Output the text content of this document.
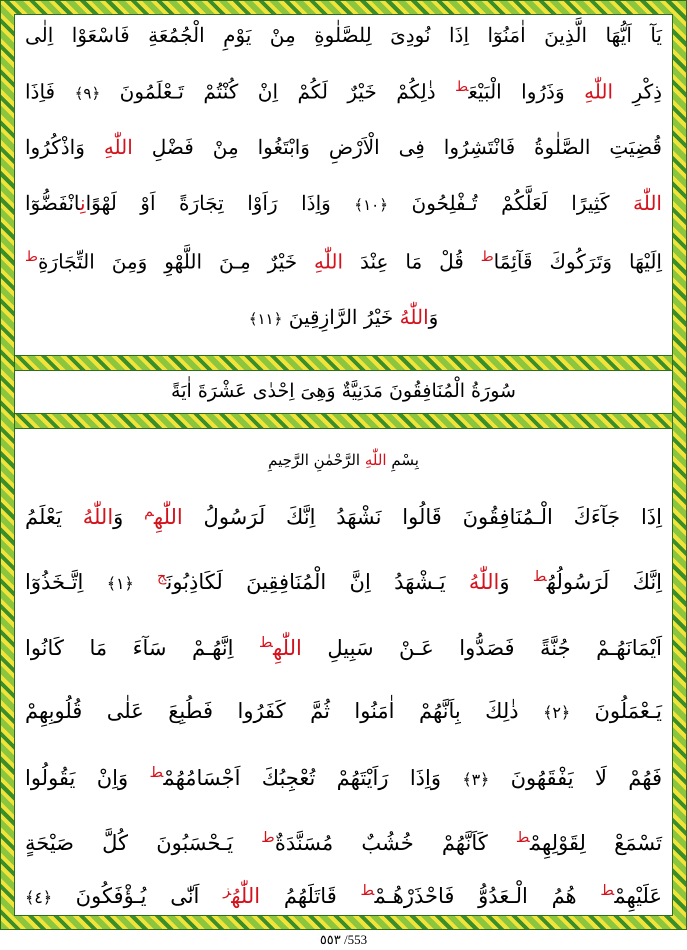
يَآ اَيُّهَا الَّذِينَ اٰمَنُوٓا اِذَا نُودِىَ لِلصَّلٰوةِ مِنْ يَوْمِ الْجُمُعَةِ فَاسْعَوْا اِلٰى
ذِكْرِ اللّٰهِ وَذَرُوا الْبَيْعَ$^ط$ ذٰلِكُمْ خَيْرٌ لَكُمْ اِنْ كُنْتُمْ تَـعْلَمُونَ ﴿٩﴾ فَاِذَا
قُضِيَتِ الصَّلٰوةُ فَانْتَشِرُوا فِى الْاَرْضِ وَابْتَغُوا مِنْ فَضْلِ اللّٰهِ وَاذْكُرُوا
اللّٰهَ كَثِيرًا لَعَلَّكُمْ تُـفْلِحُونَ ﴿١٠﴾ وَاِذَا رَاَوْا تِجَارَةً اَوْ لَهْوًانِانْفَضُّوٓا
اِلَيْهَا وَتَرَكُوكَ قَآئِمًا$^ط$ قُلْ مَا عِنْدَ اللّٰهِ خَيْرٌ مِـنَ اللَّهْوِ وَمِنَ التِّجَارَةِ$^ط$
وَاللّٰهُ خَيْرُ الرَّازِقِينَ ﴿١١﴾
سُورَةُ الْمُنَافِقُونَ مَدَنِيَّةٌ وَهِىَ اِحْدٰى عَشْرَةَ اٰيَةً
بِسْمِ اللّٰهِ الرَّحْمٰنِ الرَّحِيمِ
اِذَا جَآءَكَ الْـمُنَافِقُونَ قَالُوا نَشْهَدُ اِنَّكَ لَرَسُولُ اللّٰهِ$^م$ وَاللّٰهُ يَعْلَمُ
اِنَّكَ لَرَسُولُهُ$^ط$ وَاللّٰهُ يَـشْهَدُ اِنَّ الْمُنَافِقِينَ لَكَاذِبُونَ$^ج$ ﴿١﴾ اِتَّـخَذُوٓا
اَيْمَانَهُـمْ جُنَّةً فَصَدُّوا عَـنْ سَبِيلِ اللّٰهِ$^ط$ اِنَّهُـمْ سَآءَ مَا كَانُوا
يَـعْمَلُونَ ﴿٢﴾ ذٰلِكَ بِاَنَّهُمْ اٰمَنُوا ثُمَّ كَفَرُوا فَطُبِعَ عَلٰى قُلُوبِهِمْ
فَهُمْ لَا يَفْقَهُونَ ﴿٣﴾ وَاِذَا رَاَيْتَهُمْ تُعْجِبُكَ اَجْسَامُهُمْ$^ط$ وَاِنْ يَقُولُوا
تَسْمَعْ لِقَوْلِهِمْ$^ط$ كَاَنَّهُمْ خُشُبٌ مُسَنَّدَةٌ$^ط$ يَـحْسَبُونَ كُلَّ صَيْحَةٍ
عَلَيْهِمْ$^ط$ هُمُ الْـعَدُوُّ فَاحْذَرْهُـمْ$^ط$ قَاتَلَهُمُ اللّٰهُ$^ز$ اَنّٰى يُـؤْفَكُونَ ﴿٤﴾
٥٥٣ /553
